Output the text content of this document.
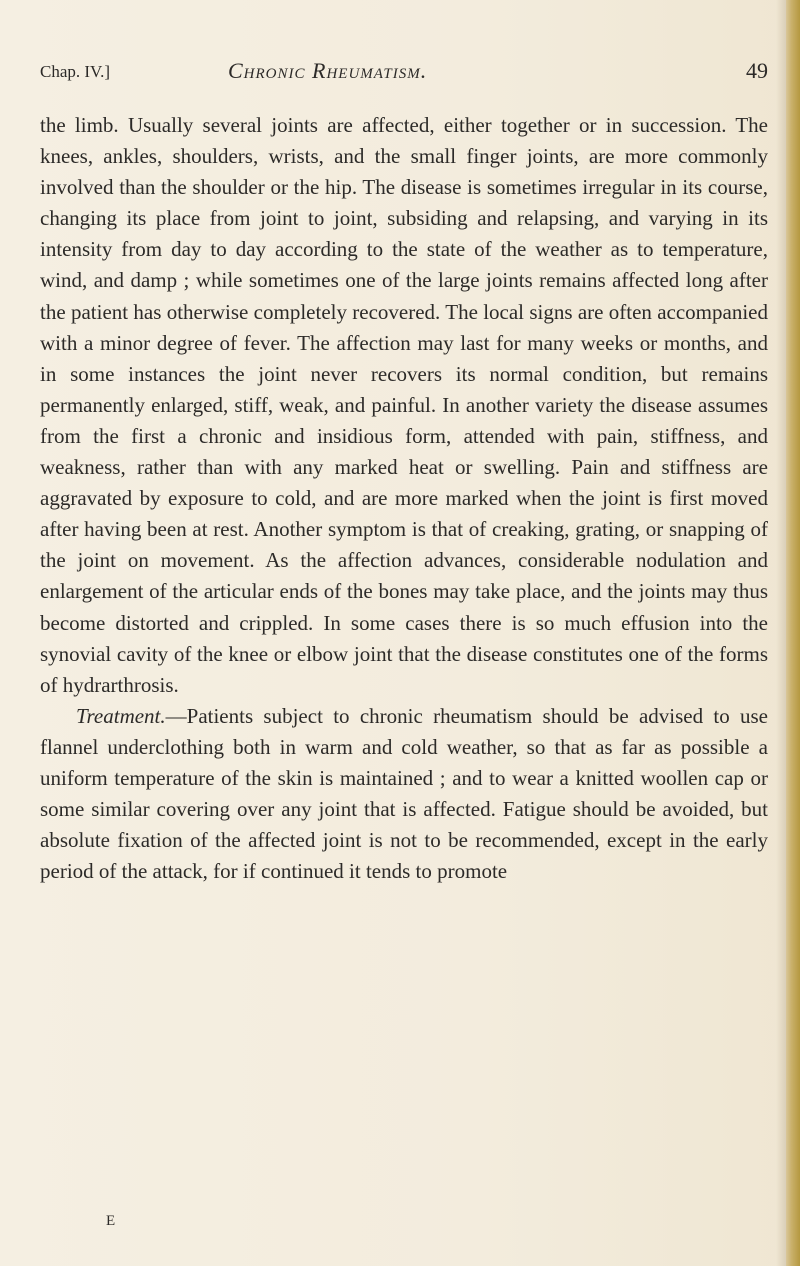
Chap. IV.]	Chronic Rheumatism.	49

the limb. Usually several joints are affected, either together or in succession. The knees, ankles, shoulders, wrists, and the small finger joints, are more commonly involved than the shoulder or the hip. The disease is sometimes irregular in its course, changing its place from joint to joint, subsiding and relapsing, and varying in its intensity from day to day according to the state of the weather as to temperature, wind, and damp ; while sometimes one of the large joints remains affected long after the patient has otherwise completely recovered. The local signs are often accompanied with a minor degree of fever. The affection may last for many weeks or months, and in some instances the joint never recovers its normal condition, but remains permanently enlarged, stiff, weak, and painful. In another variety the disease assumes from the first a chronic and insidious form, attended with pain, stiffness, and weakness, rather than with any marked heat or swelling. Pain and stiffness are aggravated by exposure to cold, and are more marked when the joint is first moved after having been at rest. Another symptom is that of creaking, grating, or snapping of the joint on movement. As the affection advances, considerable nodulation and enlargement of the articular ends of the bones may take place, and the joints may thus become distorted and crippled. In some cases there is so much effusion into the synovial cavity of the knee or elbow joint that the disease constitutes one of the forms of hydrarthrosis.

Treatment.—Patients subject to chronic rheumatism should be advised to use flannel underclothing both in warm and cold weather, so that as far as possible a uniform temperature of the skin is maintained ; and to wear a knitted woollen cap or some similar covering over any joint that is affected. Fatigue should be avoided, but absolute fixation of the affected joint is not to be recommended, except in the early period of the attack, for if continued it tends to promote

E
